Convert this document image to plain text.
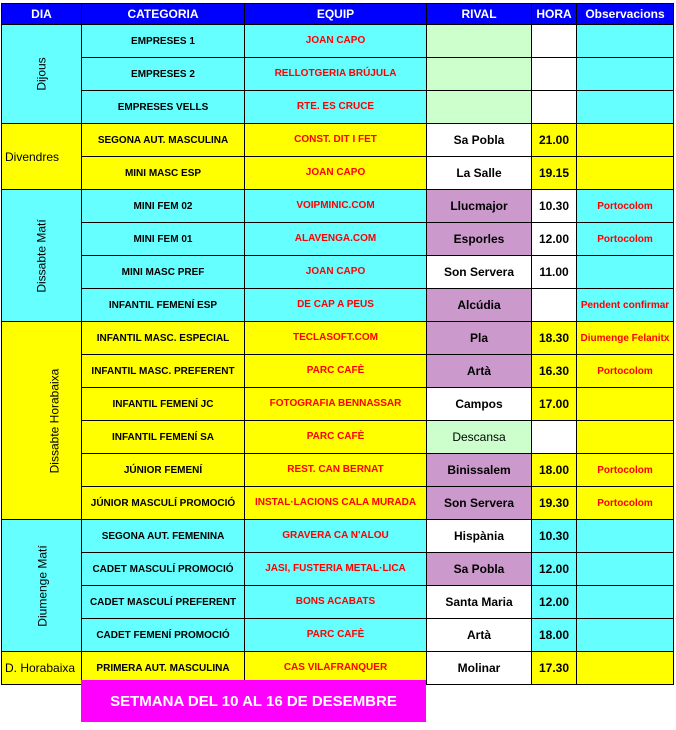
DIA	CATEGORIA	EQUIP	RIVAL	HORA	Observacions
Dijous	EMPRESES 1	JOAN CAPO			
	EMPRESES 2	RELLOTGERIA BRÚJULA			
	EMPRESES VELLS	RTE. ES CRUCE			
Divendres	SEGONA AUT. MASCULINA	CONST. DIT I FET	Sa Pobla	21.00	
	MINI MASC ESP	JOAN CAPO	La Salle	19.15	
Dissabte Matí	MINI FEM 02	VOIPMINIC.COM	Llucmajor	10.30	Portocolom
	MINI FEM 01	ALAVENGA.COM	Esporles	12.00	Portocolom
	MINI MASC PREF	JOAN CAPO	Son Servera	11.00	
	INFANTIL FEMENÍ ESP	DE CAP A PEUS	Alcúdia		Pendent confirmar
Dissabte Horabaixa	INFANTIL MASC. ESPECIAL	TECLASOFT.COM	Pla	18.30	Diumenge Felanitx
	INFANTIL MASC. PREFERENT	PARC CAFÈ	Artà	16.30	Portocolom
	INFANTIL FEMENÍ JC	FOTOGRAFIA BENNASSAR	Campos	17.00	
	INFANTIL FEMENÍ SA	PARC CAFÈ	Descansa		
	JÚNIOR FEMENÍ	REST. CAN BERNAT	Binissalem	18.00	Portocolom
	JÚNIOR MASCULÍ PROMOCIÓ	INSTAL·LACIONS CALA MURADA	Son Servera	19.30	Portocolom
Diumenge Matí	SEGONA AUT. FEMENINA	GRAVERA CA N'ALOU	Hispània	10.30	
	CADET MASCULÍ PROMOCIÓ	JASI, FUSTERIA METAL·LICA	Sa Pobla	12.00	
	CADET MASCULÍ PREFERENT	BONS ACABATS	Santa Maria	12.00	
	CADET FEMENÍ PROMOCIÓ	PARC CAFÈ	Artà	18.00	
D. Horabaixa	PRIMERA AUT. MASCULINA	CAS VILAFRANQUER	Molinar	17.30	
SETMANA DEL 10 AL 16 DE DESEMBRE
